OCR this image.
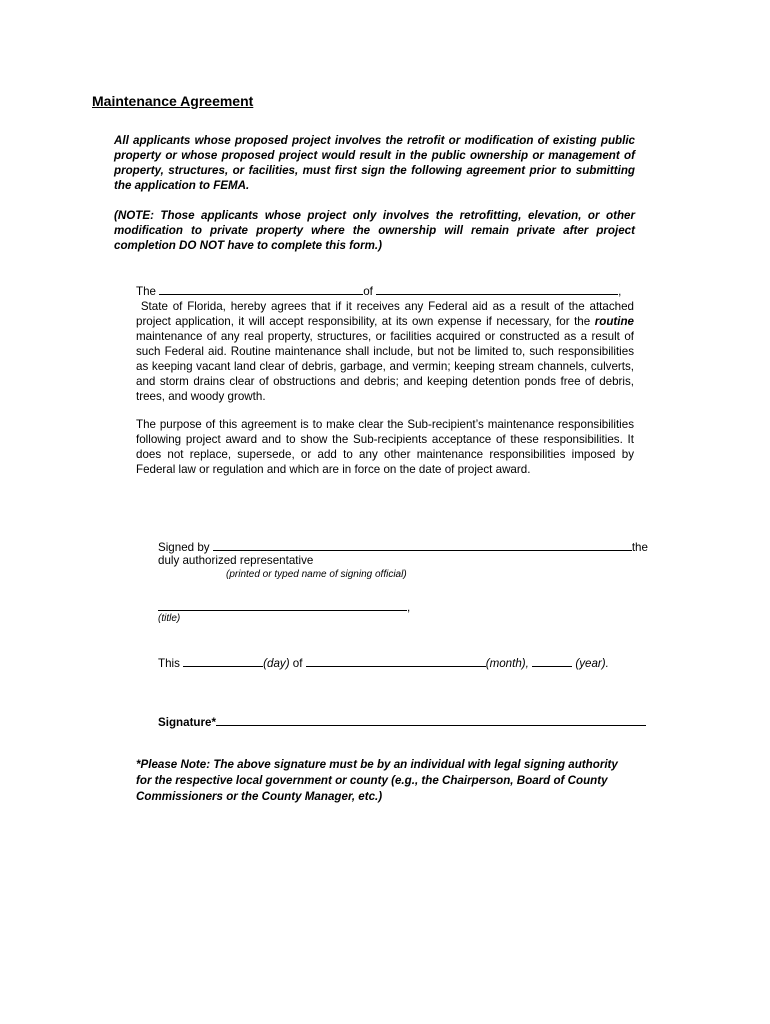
Maintenance Agreement

All applicants whose proposed project involves the retrofit or modification of existing public property or whose proposed project would result in the public ownership or management of property, structures, or facilities, must first sign the following agreement prior to submitting the application to FEMA.

(NOTE: Those applicants whose project only involves the retrofitting, elevation, or other modification to private property where the ownership will remain private after project completion DO NOT have to complete this form.)

The	of	,
State of Florida, hereby agrees that if it receives any Federal aid as a result of the attached project application, it will accept responsibility, at its own expense if necessary, for the routine maintenance of any real property, structures, or facilities acquired or constructed as a result of such Federal aid. Routine maintenance shall include, but not be limited to, such responsibilities as keeping vacant land clear of debris, garbage, and vermin; keeping stream channels, culverts, and storm drains clear of obstructions and debris; and keeping detention ponds free of debris, trees, and woody growth.

The purpose of this agreement is to make clear the Sub-recipient’s maintenance responsibilities following project award and to show the Sub-recipients acceptance of these responsibilities. It does not replace, supersede, or add to any other maintenance responsibilities imposed by Federal law or regulation and which are in force on the date of project award.

Signed by	the
duly authorized representative
(printed or typed name of signing official)
,
(title)
This	(day) of	(month),	(year).
Signature*

*Please Note: The above signature must be by an individual with legal signing authority for the respective local government or county (e.g., the Chairperson, Board of County Commissioners or the County Manager, etc.)
